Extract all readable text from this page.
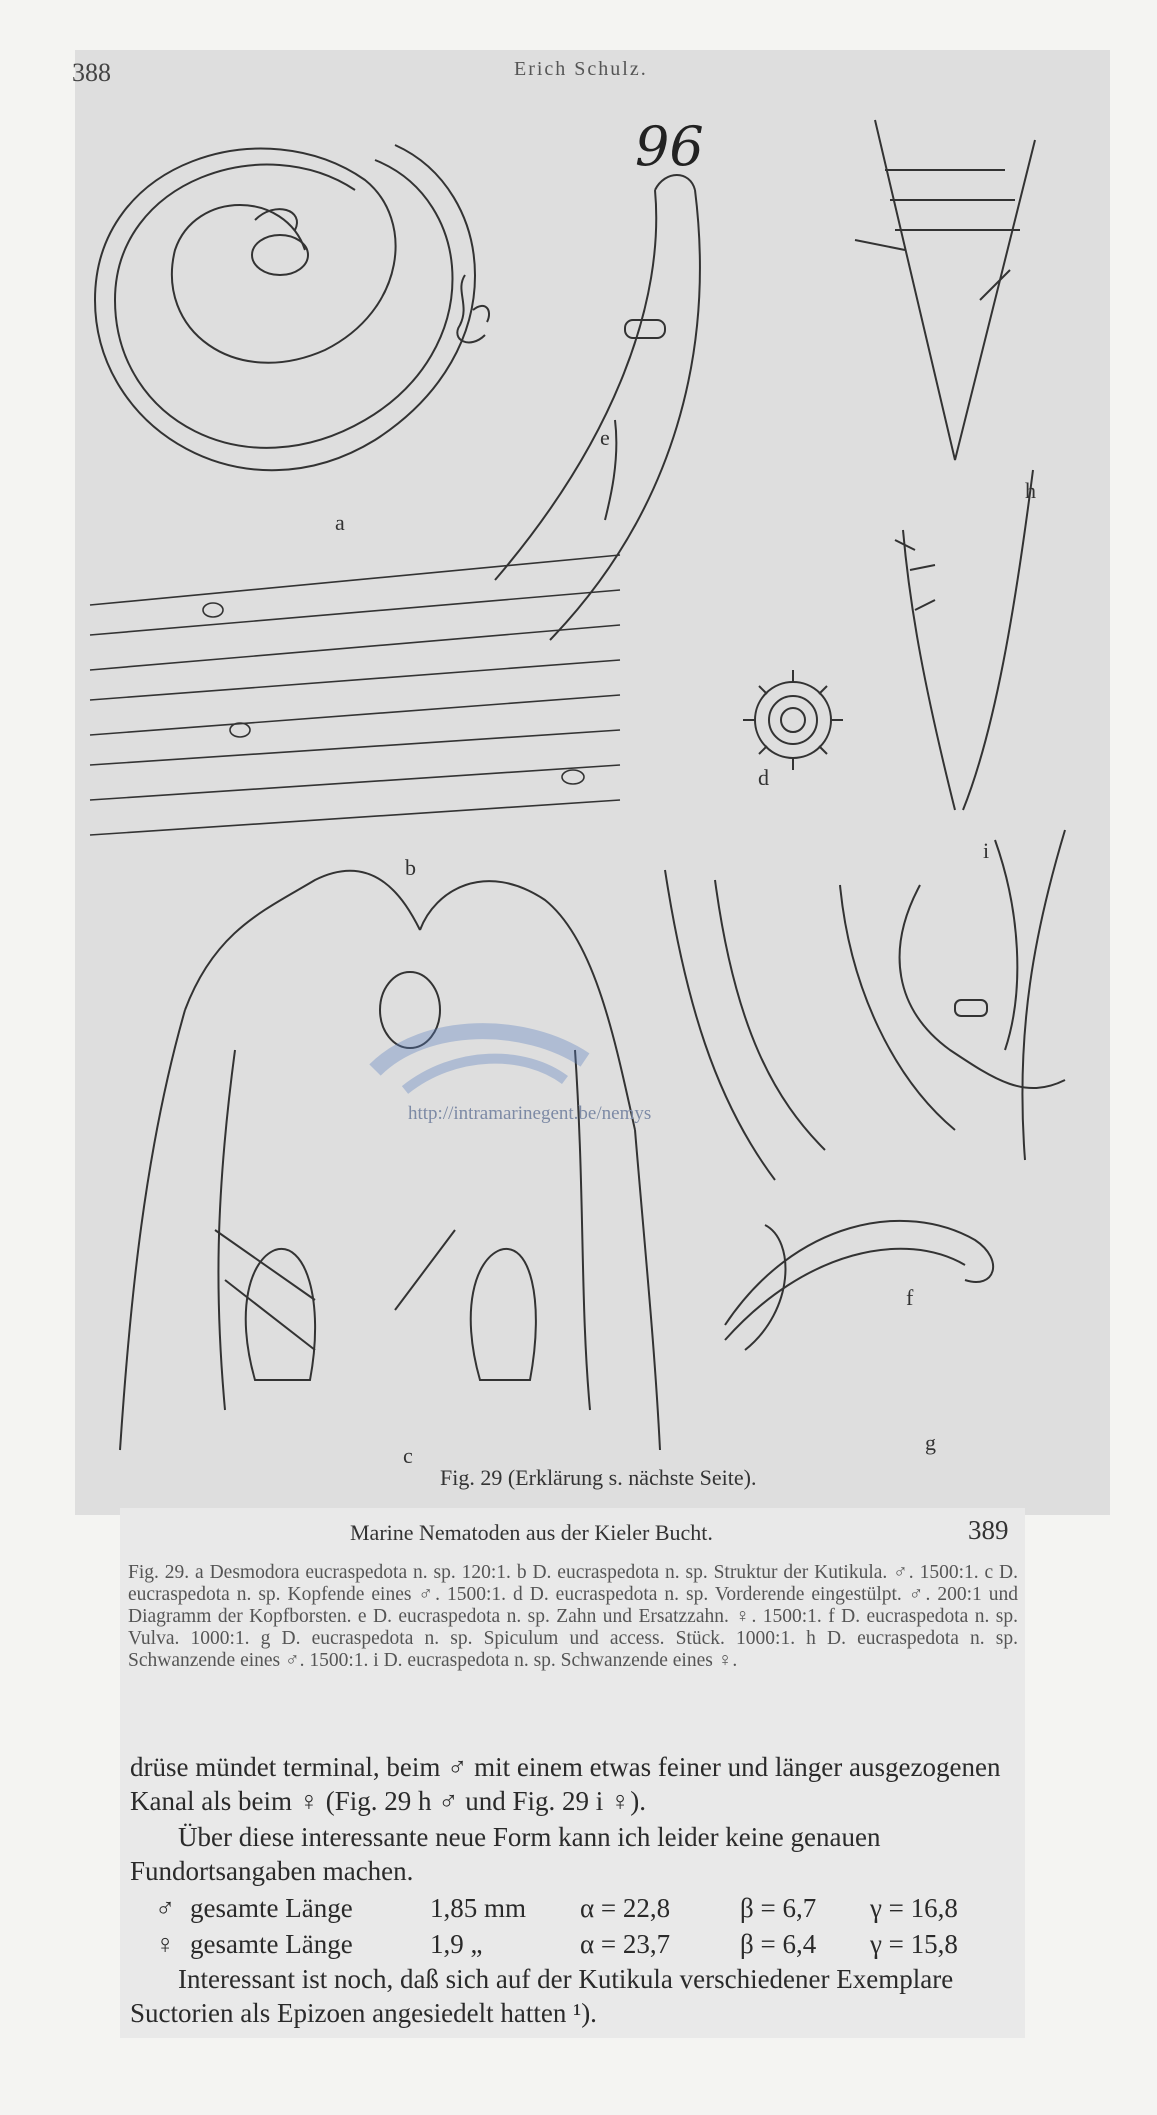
388	Erich Schulz.
96
a
b
c
d
e
f
g
h
i
http://intramarinegent.be/nemys
Fig. 29 (Erklärung s. nächste Seite).
Marine Nematoden aus der Kieler Bucht.	389
Fig. 29. a Desmodora eucraspedota n. sp. 120:1. b D. eucraspedota n. sp. Struktur der Kutikula. ♂. 1500:1. c D. eucraspedota n. sp. Kopfende eines ♂. 1500:1. d D. eucraspedota n. sp. Vorderende eingestülpt. ♂. 200:1 und Diagramm der Kopfborsten. e D. eucraspedota n. sp. Zahn und Ersatzzahn. ♀. 1500:1. f D. eucraspedota n. sp. Vulva. 1000:1. g D. eucraspedota n. sp. Spiculum und access. Stück. 1000:1. h D. eucraspedota n. sp. Schwanzende eines ♂. 1500:1. i D. eucraspedota n. sp. Schwanzende eines ♀.
drüse mündet terminal, beim ♂ mit einem etwas feiner und länger ausgezogenen Kanal als beim ♀ (Fig. 29 h ♂ und Fig. 29 i ♀).
Über diese interessante neue Form kann ich leider keine genauen Fundortsangaben machen.
♂ gesamte Länge	1,85 mm α = 22,8	β = 6,7 γ = 16,8
♀ gesamte Länge	1,9 „	α = 23,7	β = 6,4 γ = 15,8
Interessant ist noch, daß sich auf der Kutikula verschiedener Exemplare Suctorien als Epizoen angesiedelt hatten ¹).
